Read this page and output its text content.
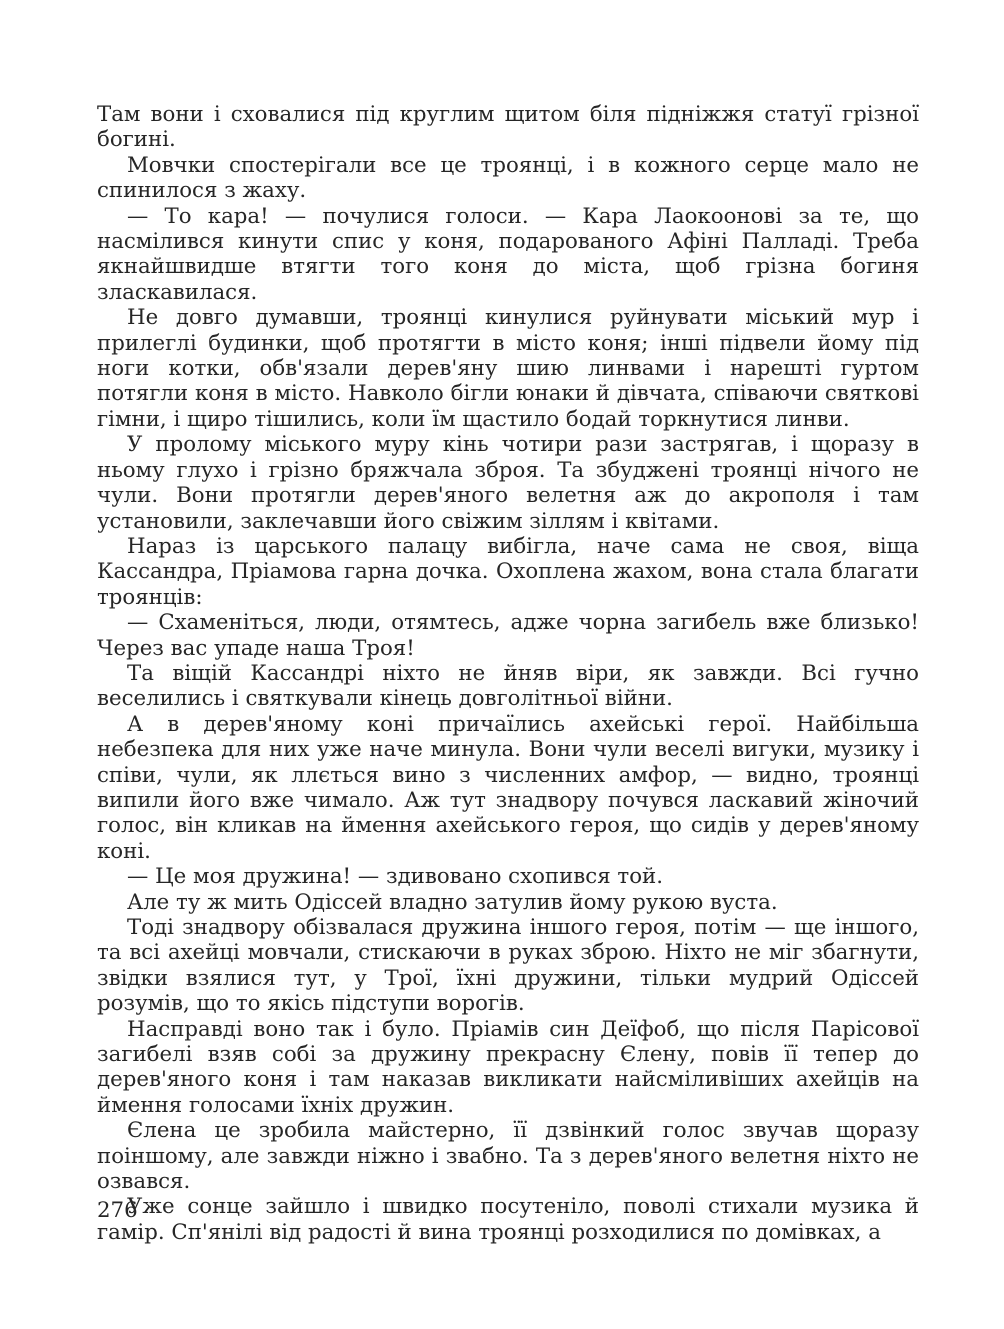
Там вони і сховалися під круглим щитом біля підніжжя статуї грізної богині.

Мовчки спостерігали все це троянці, і в кожного серце мало не спинилося з жаху.

— То кара! — почулися голоси. — Кара Лаокоонові за те, що насмілився кинути спис у коня, подарованого Афіні Палладі. Треба якнайшвидше втягти того коня до міста, щоб грізна богиня зласкавилася.

Не довго думавши, троянці кинулися руйнувати міський мур і прилеглі будинки, щоб протягти в місто коня; інші підвели йому під ноги котки, обв'язали дерев'яну шию линвами і нарешті гуртом потягли коня в місто. Навколо бігли юнаки й дівчата, співаючи святкові гімни, і щиро тішились, коли їм щастило бодай торкнутися линви.

У пролому міського муру кінь чотири рази застрягав, і щоразу в ньому глухо і грізно бряжчала зброя. Та збуджені троянці нічого не чули. Вони протягли дерев'яного велетня аж до акрополя і там установили, заклечавши його свіжим зіллям і квітами.

Нараз із царського палацу вибігла, наче сама не своя, віща Кассандра, Пріамова гарна дочка. Охоплена жахом, вона стала благати троянців:

— Схаменіться, люди, отямтесь, адже чорна загибель вже близько! Через вас упаде наша Троя!

Та віщій Кассандрі ніхто не йняв віри, як завжди. Всі гучно веселились і святкували кінець довголітньої війни.

А в дерев'яному коні причаїлись ахейські герої. Найбільша небезпека для них уже наче минула. Вони чули веселі вигуки, музику і співи, чули, як ллється вино з численних амфор, — видно, троянці випили його вже чимало. Аж тут знадвору почувся ласкавий жіночий голос, він кликав на ймення ахейського героя, що сидів у дерев'яному коні.

— Це моя дружина! — здивовано схопився той.

Але ту ж мить Одіссей владно затулив йому рукою вуста.

Тоді знадвору обізвалася дружина іншого героя, потім — ще іншого, та всі ахейці мовчали, стискаючи в руках зброю. Ніхто не міг збагнути, звідки взялися тут, у Трої, їхні дружини, тільки мудрий Одіссей розумів, що то якісь підступи ворогів.

Насправді воно так і було. Пріамів син Деїфоб, що після Парісової загибелі взяв собі за дружину прекрасну Єлену, повів її тепер до дерев'яного коня і там наказав викликати найсміливіших ахейців на ймення голосами їхніх дружин.

Єлена це зробила майстерно, її дзвінкий голос звучав щоразу поіншому, але завжди ніжно і звабно. Та з дерев'яного велетня ніхто не озвався.

Уже сонце зайшло і швидко посутеніло, поволі стихали музика й гамір. Сп'янілі від радості й вина троянці розходилися по домівках, а

276
